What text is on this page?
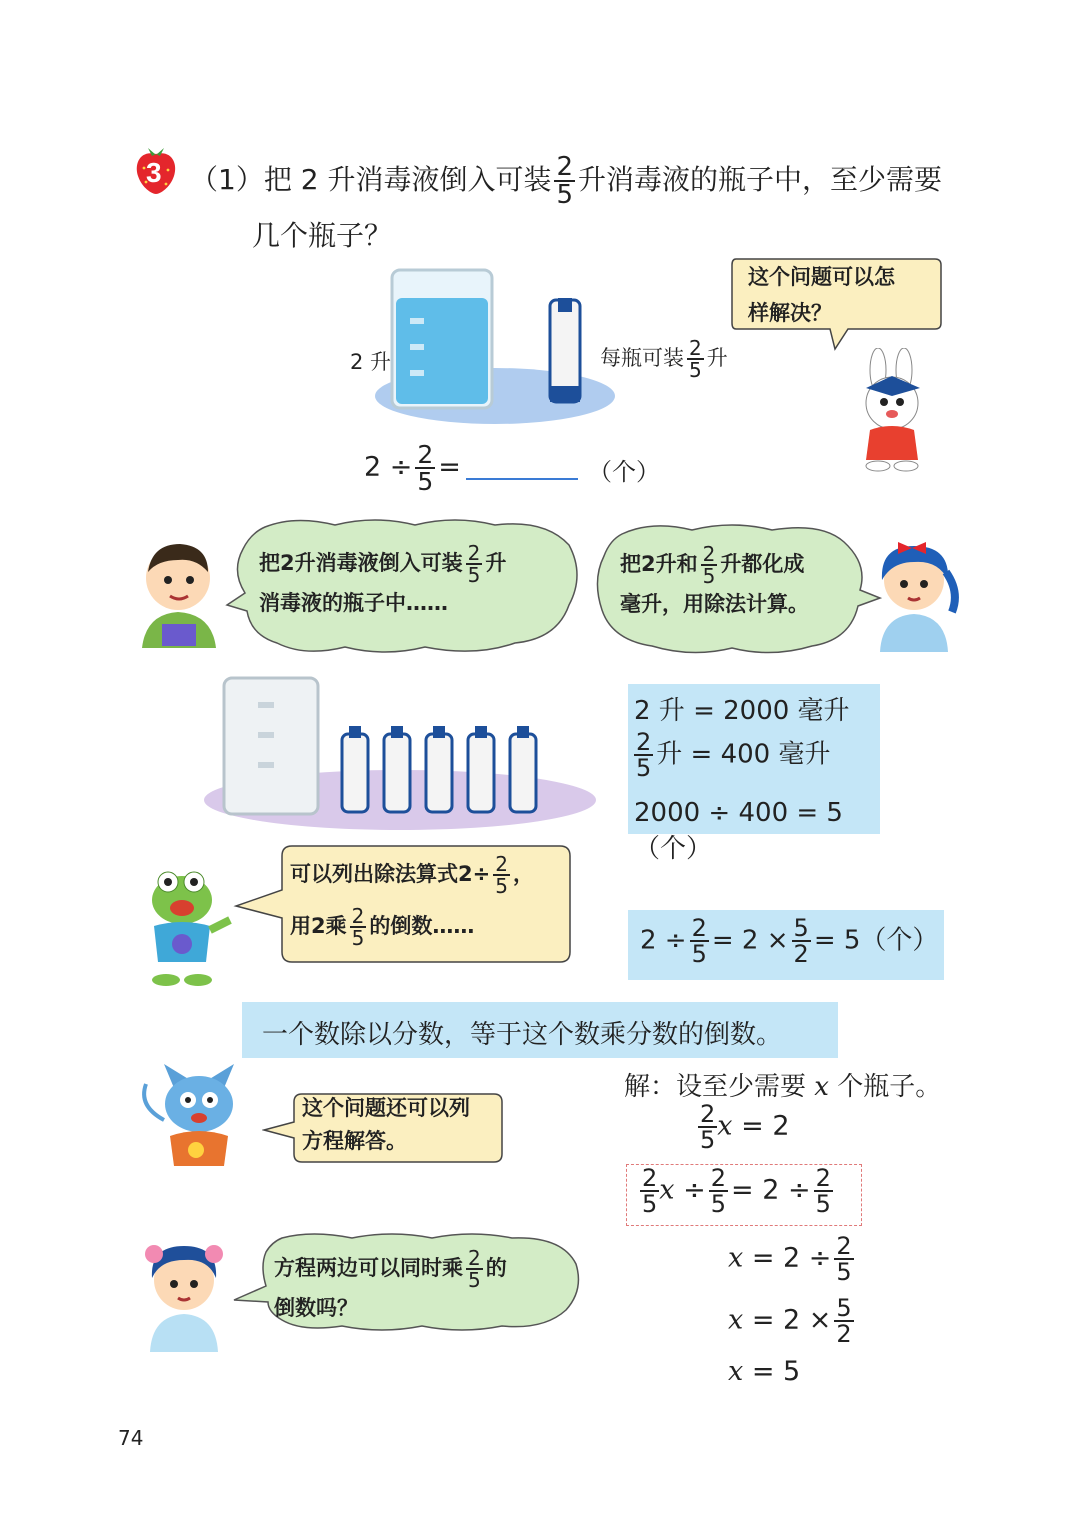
3 （1）把 2 升消毒液倒入可装 $\frac{2}{5}$ 升消毒液的瓶子中，至少需要
几个瓶子？
2 升	每瓶可装 $\frac{2}{5}$ 升
这个问题可以怎
样解决？
$2 \div \frac{2}{5}$ =	（个）
把2升消毒液倒入可装 $\frac{2}{5}$ 升
消毒液的瓶子中……
把2升和 $\frac{2}{5}$ 升都化成
毫升，用除法计算。
2 升 = 2000 毫升
$\frac{2}{5}$ 升 = 400 毫升
2000 ÷ 400 = 5（个）
可以列出除法算式$2\div \frac{2}{5}$ ，
用2乘 $\frac{2}{5}$ 的倒数……	$2 \div \frac{2}{5} = 2 \times \frac{5}{2} = 5$（个）
一个数除以分数，等于这个数乘分数的倒数。
这个问题还可以列
方程解答。
方程两边可以同时乘 $\frac{2}{5}$ 的
倒数吗？
解：设至少需要 x 个瓶子。
$\frac{2}{5}$ x = 2
$\frac{2}{5}$ $x \div \frac{2}{5} = 2 \div \frac{2}{5}$
$x = 2 \div \frac{2}{5}$
$x = 2 \times \frac{5}{2}$
x = 5
74
